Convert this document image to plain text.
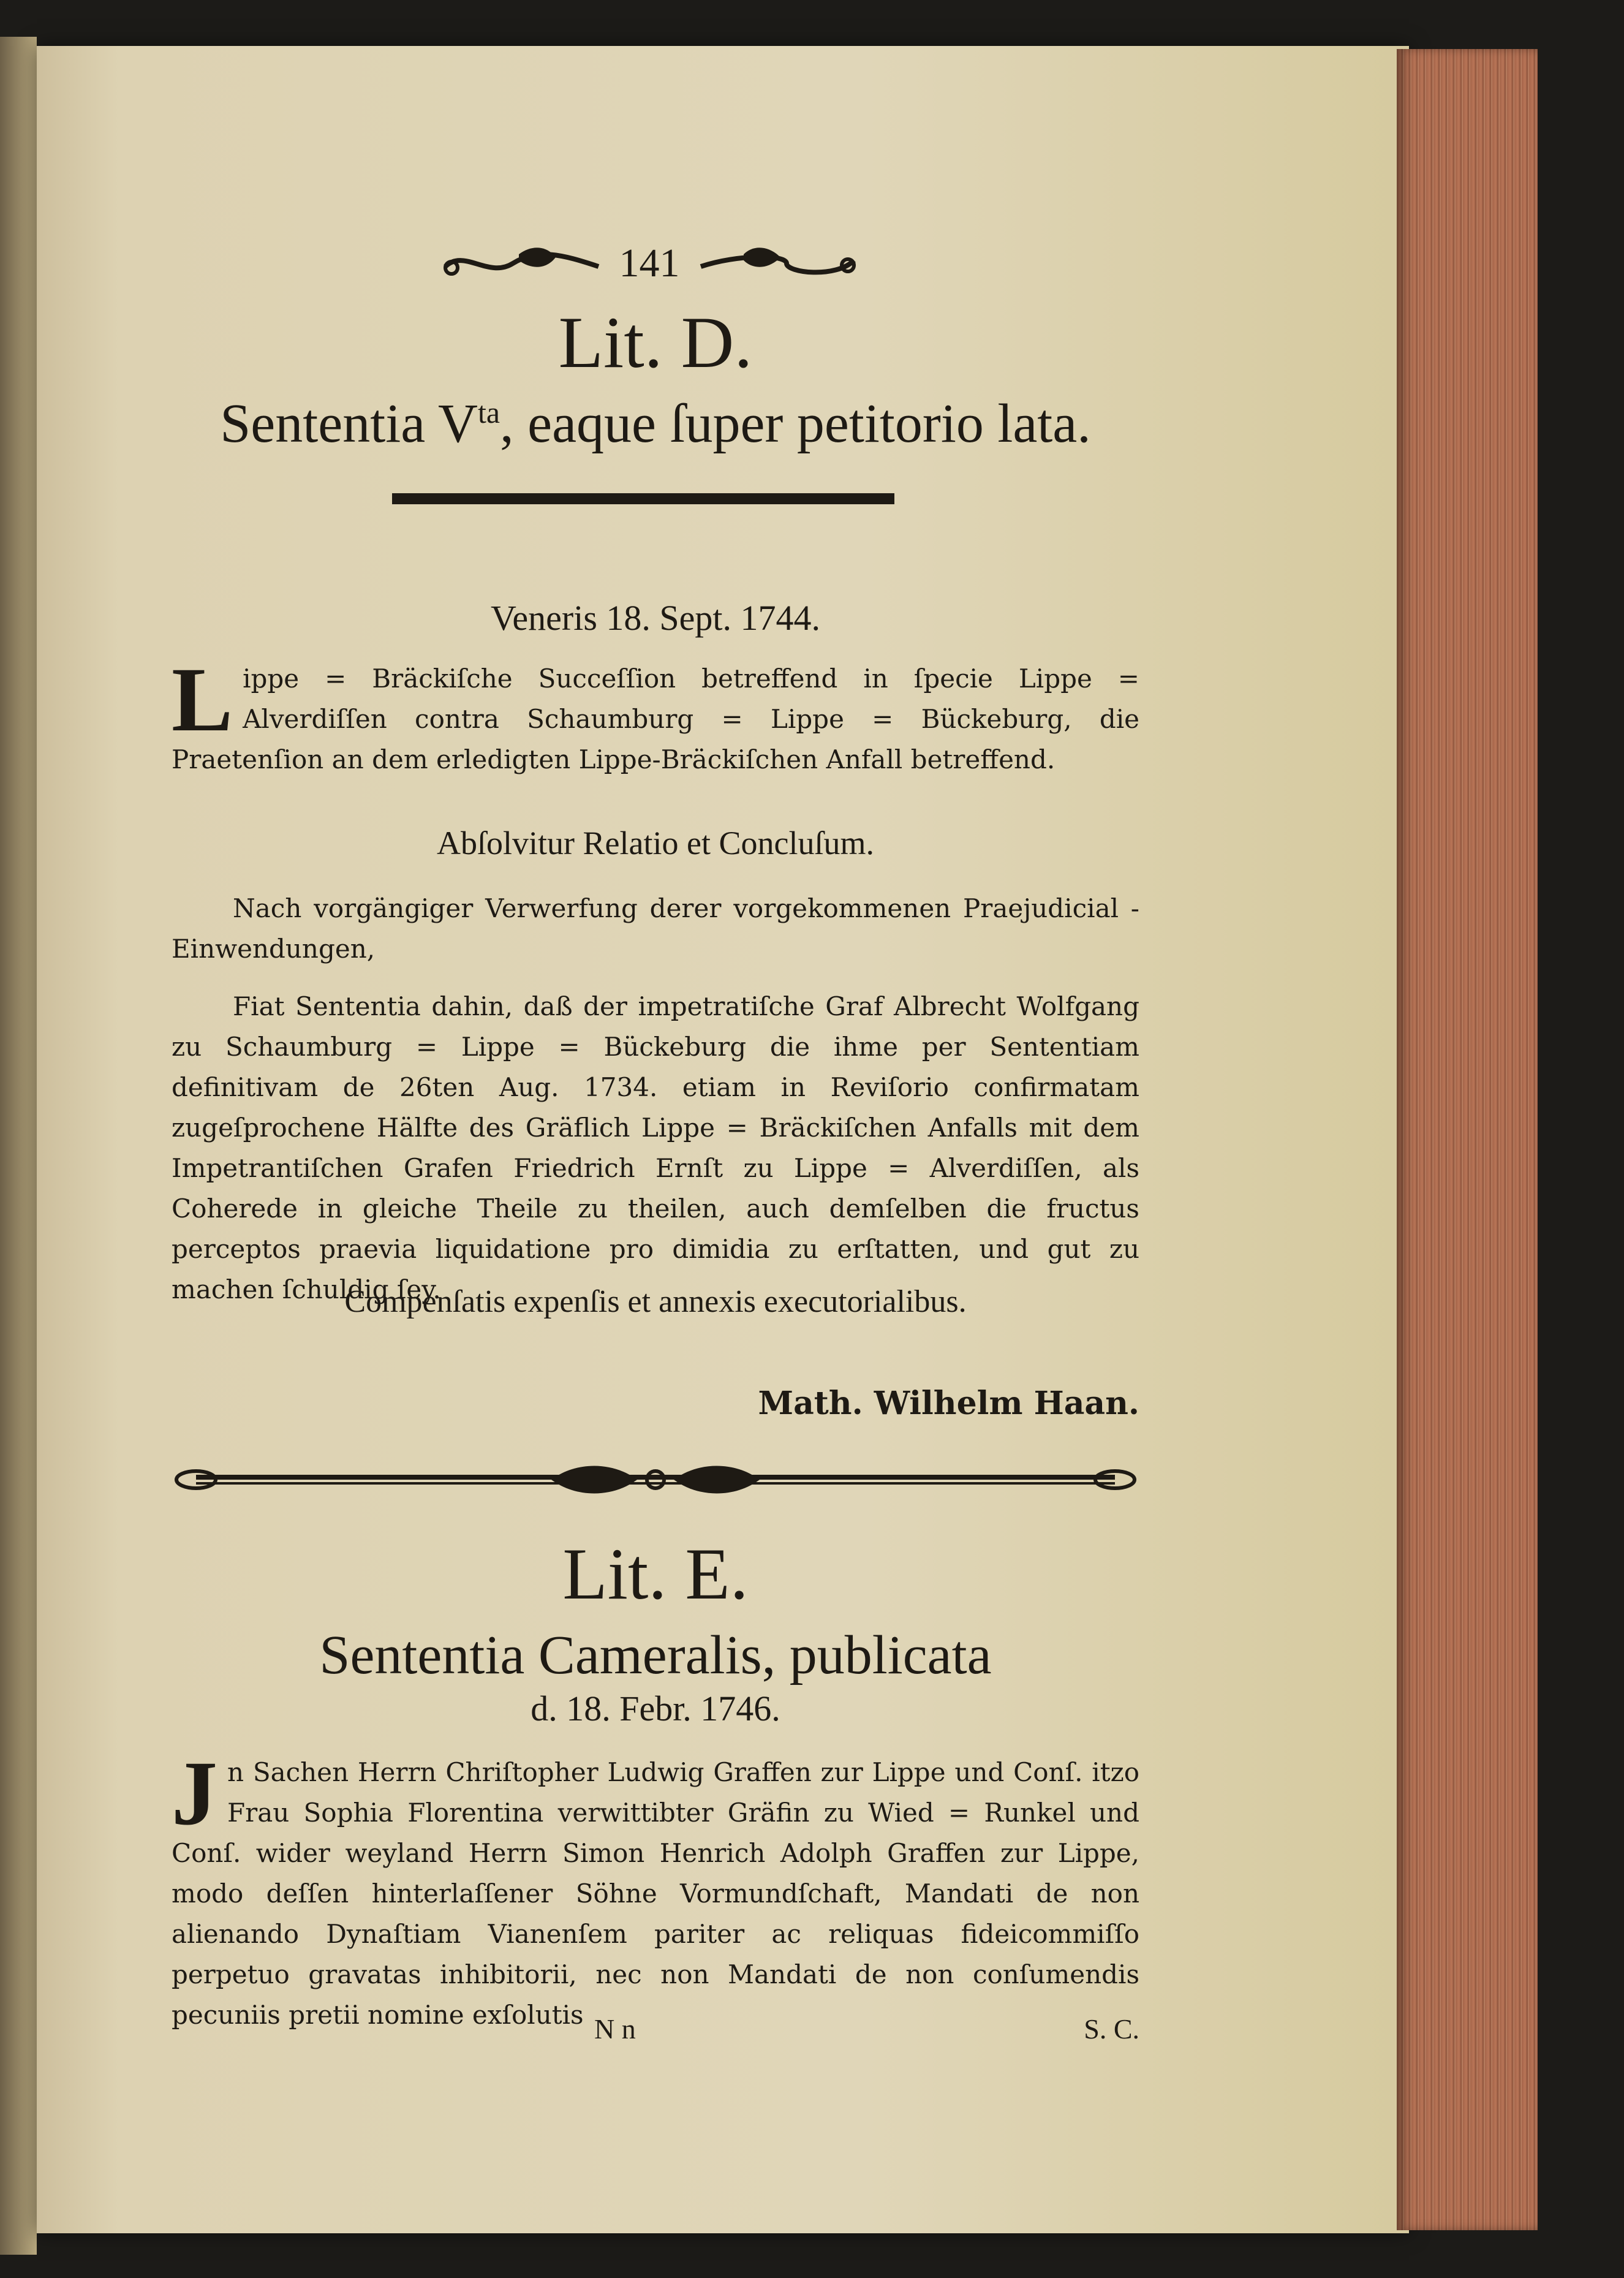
141
Lit. D.
Sententia $V^{ta}$, eaque ſuper petitorio lata.
Veneris 18. Sept. 1744.
Lippe = Bräckiſche Succeſſion betreffend in ſpecie Lippe = Alverdiſſen contra Schaumburg = Lippe = Bückeburg, die Praetenſion an dem erledigten Lippe-Bräckiſchen Anfall betreffend.
Abſolvitur Relatio et Concluſum.
Nach vorgängiger Verwerfung derer vorgekommenen Praejudicial - Einwendungen,
Fiat Sententia dahin, daß der impetratiſche Graf Albrecht Wolfgang zu Schaumburg = Lippe = Bückeburg die ihme per Sententiam definitivam de 26ten Aug. 1734. etiam in Reviſorio confirmatam zugeſprochene Hälfte des Gräflich Lippe = Bräckiſchen Anfalls mit dem Impetrantiſchen Grafen Friedrich Ernſt zu Lippe = Alverdiſſen, als Coherede in gleiche Theile zu theilen, auch demſelben die fructus perceptos praevia liquidatione pro dimidia zu erſtatten, und gut zu machen ſchuldig ſey.
Compenſatis expenſis et annexis executorialibus.
Math. Wilhelm Haan.
Lit. E.
Sententia Cameralis, publicata
d. 18. Febr. 1746.
Jn Sachen Herrn Chriſtopher Ludwig Graffen zur Lippe und Conſ. itzo Frau Sophia Florentina verwittibter Gräfin zu Wied = Runkel und Conſ. wider weyland Herrn Simon Henrich Adolph Graffen zur Lippe, modo deſſen hinterlaſſener Söhne Vormundſchaft, Mandati de non alienando Dynaſtiam Vianenſem pariter ac reliquas fideicommiſſo perpetuo gravatas inhibitorii, nec non Mandati de non conſumendis pecuniis pretii nomine exſolutis N n	S. C.
